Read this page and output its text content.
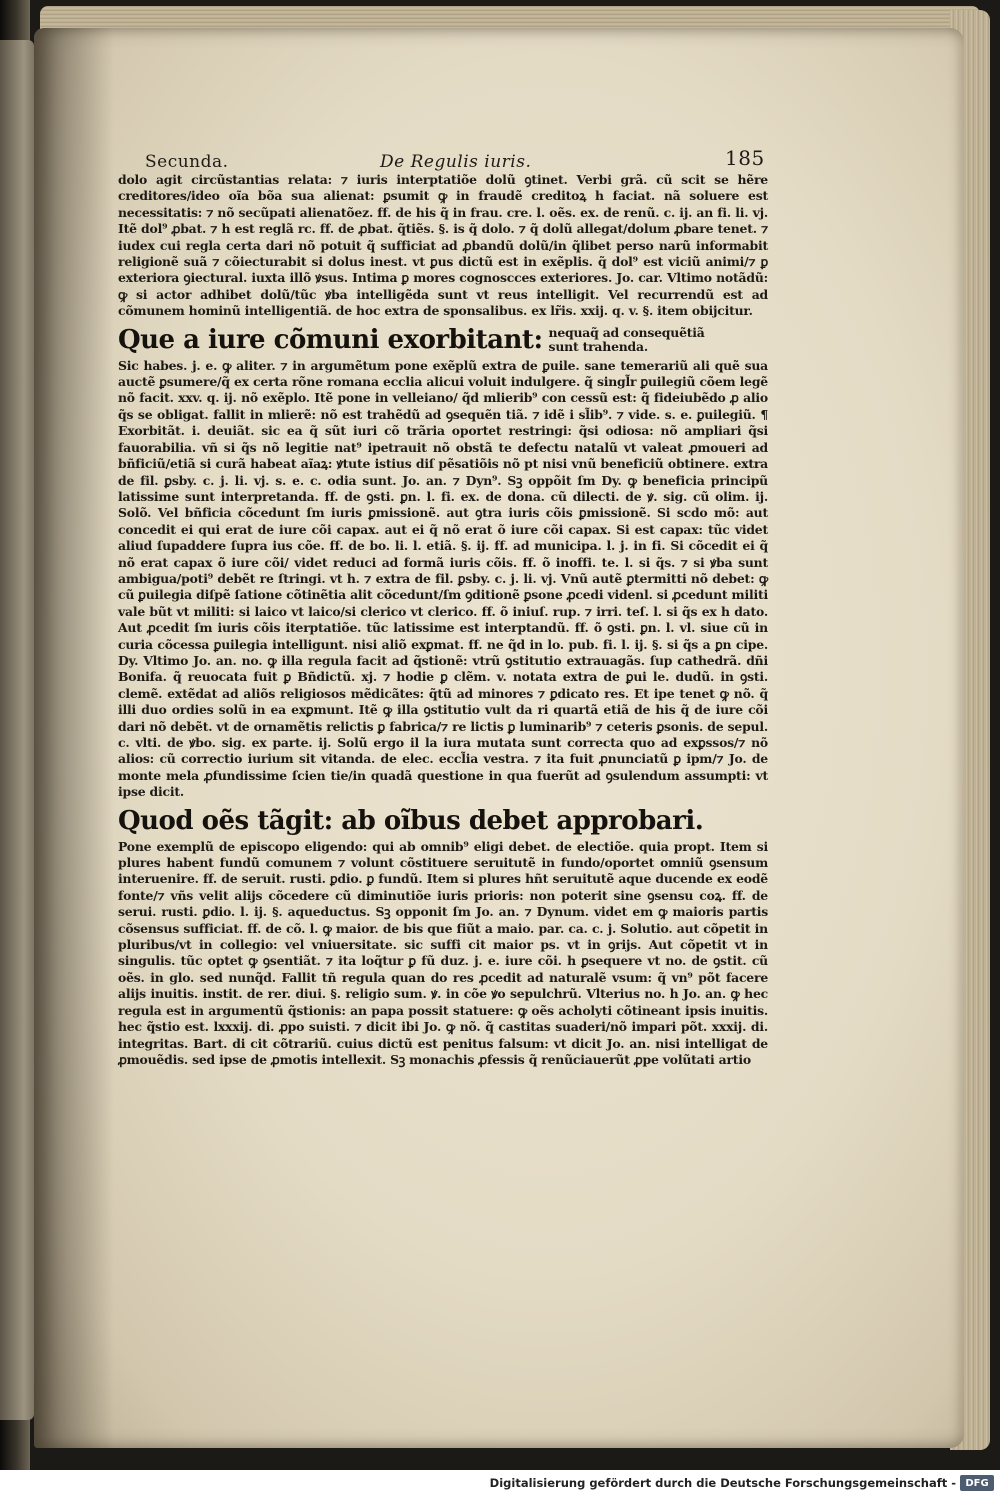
Secunda.	De Regulis iuris.	185

dolo agit circũstantias relata: ⁊ iuris interptatiõe dolũ ꝯtinet. Verbi grã. cũ scit se hẽre creditores/ideo oĩa bõa sua alienat: ꝑsumit ꝙ in fraudẽ creditoꝝ h faciat. nã soluere est necessitatis: ⁊ nõ secũpati alienatõez. ff. de his q̃ in frau. cre. l. oẽs. ex. de renũ. c. ij. an fi. li. vj. Itẽ dol⁹ ꝓbat. ⁊ h est reglã rc. ff. de ꝓbat. q̃tiẽs. §. is q̃ dolo. ⁊ q̃ dolũ allegat/dolum ꝓbare tenet. ⁊ iudex cui regla certa dari nõ potuit q̃ sufficiat ad ꝓbandũ dolũ/in q̃libet perso narũ informabit religionẽ suã ⁊ cõiecturabit si dolus inest. vt ꝑus dictũ est in exẽplis. q̃ dol⁹ est viciũ animi/⁊ ꝑ exteriora ꝯiectural. iuxta illõ ꝟsus. Intima ꝑ mores cognoscces exteriores. Jo. car. Vltimo notãdũ: ꝙ si actor adhibet dolũ/tũc ꝟba intelligẽda sunt vt reus intelligit. Vel recurrendũ est ad cõmunem hominũ intelligentiã. de hoc extra de sponsalibus. ex lr̃is. xxij. q. v. §. item obijcitur.

Que a iure cõmuni exorbitant: nequaq̃ ad consequẽtiã
sunt trahenda.

Sic habes. j. e. ꝙ aliter. ⁊ in argumẽtum pone exẽplũ extra de ꝑuile. sane temerariũ ali quẽ sua auctẽ ꝑsumere/q̃ ex certa rõne romana ecclia alicui voluit indulgere. q̃ singl̃r ꝑuilegiũ cõem legẽ nõ facit. xxv. q. ij. nõ exẽplo. Itẽ pone in velleiano/ q̃d mlierib⁹ con cessũ est: q̃ fideiubẽdo ꝓ alio q̃s se obligat. fallit in mlierẽ: nõ est trahẽdũ ad ꝯsequẽn tiã. ⁊ idẽ i sl̃ib⁹. ⁊ vide. s. e. ꝑuilegiũ. ¶ Exorbitãt. i. deuiãt. sic ea q̃ sũt iuri cõ trãria oportet restringi: q̃si odiosa: nõ ampliari q̃si fauorabilia. vñ si q̃s nõ legitie nat⁹ ipetrauit nõ obstã te defectu natalũ vt valeat ꝓmoueri ad bñficiũ/etiã si curã habeat aĩaꝝ: ꝟtute istius diſ pẽsatiõis nõ pt nisi vnũ beneficiũ obtinere. extra de fil. ꝑsby. c. j. li. vj. s. e. c. odia sunt. Jo. an. ⁊ Dyn⁹. Sꝫ oppõit ſm Dy. ꝙ beneficia principũ latissime sunt interpretanda. ff. de ꝯsti. ꝑn. l. fi. ex. de dona. cũ dilecti. de ꝟ. sig. cũ olim. ij. Solõ. Vel bñficia cõcedunt ſm iuris ꝑmissionẽ. aut ꝯtra iuris cõis ꝑmissionẽ. Si scdo mõ: aut concedit ei qui erat de iure cõi capax. aut ei q̃ nõ erat õ iure cõi capax. Si est capax: tũc videt aliud ſupaddere ſupra ius cõe. ff. de bo. li. l. etiã. §. ij. ff. ad municipa. l. j. in fi. Si cõcedit ei q̃ nõ erat capax õ iure cõi/ videt reduci ad formã iuris cõis. ff. õ inoffi. te. l. si q̃s. ⁊ si ꝟba sunt ambigua/poti⁹ debẽt re ſtringi. vt h. ⁊ extra de fil. ꝑsby. c. j. li. vj. Vnũ autẽ ꝑtermitti nõ debet: ꝙ cũ ꝑuilegia diſpẽ ſatione cõtinẽtia alit cõcedunt/ſm ꝯditionẽ ꝑsone ꝓcedi videnl. si ꝓcedunt militi vale bũt vt militi: si laico vt laico/si clerico vt clerico. ff. õ iniuſ. rup. ⁊ irri. teſ. l. si q̃s ex h dato. Aut ꝓcedit ſm iuris cõis iterptatiõe. tũc latissime est interptandũ. ff. õ ꝯsti. ꝑn. l. vl. siue cũ in curia cõcessa ꝑuilegia intelligunt. nisi aliõ exꝑmat. ff. ne q̃d in lo. pub. fi. l. ij. §. si q̃s a ꝑn cipe. Dy. Vltimo Jo. an. no. ꝙ illa regula facit ad q̃stionẽ: vtrũ ꝯstitutio extrauagãs. ſup cathedrã. dñi Bonifa. q̃ reuocata fuit ꝑ Bñdictũ. xj. ⁊ hodie ꝑ clẽm. v. notata extra de ꝑui le. dudũ. in ꝯsti. clemẽ. extẽdat ad aliõs religiosos mẽdicãtes: q̃tũ ad minores ⁊ ꝑdicato res. Et ipe tenet ꝙ nõ. q̃ illi duo ordies solũ in ea exꝑmunt. Itẽ ꝙ illa ꝯstitutio vult da ri quartã etiã de his q̃ de iure cõi dari nõ debẽt. vt de ornamẽtis relictis ꝑ fabrica/⁊ re lictis ꝑ luminarib⁹ ⁊ ceteris ꝑsonis. de sepul. c. vlti. de ꝟbo. sig. ex parte. ij. Solũ ergo il la iura mutata sunt correcta quo ad exꝑssos/⁊ nõ alios: cũ correctio iurium sit vitanda. de elec. eccl̃ia vestra. ⁊ ita fuit ꝓnunciatũ ꝑ ipm/⁊ Jo. de monte mela ꝓfundissime ſcien tie/in quadã questione in qua fuerũt ad ꝯsulendum assumpti: vt ipse dicit.

Quod oẽs tãgit: ab oĩbus debet approbari.

Pone exemplũ de episcopo eligendo: qui ab omnib⁹ eligi debet. de electiõe. quia propt. Item si plures habent fundũ comunem ⁊ volunt cõstituere seruitutẽ in fundo/oportet omniũ ꝯsensum interuenire. ff. de seruit. rusti. ꝑdio. ꝑ fundũ. Item si plures hñt seruitutẽ aque ducende ex eodẽ fonte/⁊ vñs velit alijs cõcedere cũ diminutiõe iuris prioris: non poterit sine ꝯsensu coꝝ. ff. de serui. rusti. ꝑdio. l. ij. §. aqueductus. Sꝫ opponit ſm Jo. an. ⁊ Dynum. videt em ꝙ maioris partis cõsensus sufficiat. ff. de cõ. l. ꝙ maior. de bis que fiũt a maio. par. ca. c. j. Solutio. aut cõpetit in pluribus/vt in collegio: vel vniuersitate. sic suffi cit maior ps. vt in ꝯrijs. Aut cõpetit vt in singulis. tũc optet ꝙ ꝯsentiãt. ⁊ ita loq̃tur ꝑ fũ duz. j. e. iure cõi. h ꝑsequere vt no. de ꝯstit. cũ oẽs. in glo. sed nunq̃d. Fallit tñ regula quan do res ꝓcedit ad naturalẽ vsum: q̃ vn⁹ põt facere alijs inuitis. instit. de rer. diui. §. religio sum. ꝟ. in cõe ꝟo sepulchrũ. Vlterius no. h Jo. an. ꝙ hec regula est in argumentũ q̃stionis: an papa possit statuere: ꝙ oẽs acholyti cõtineant ipsis inuitis. hec q̃stio est. lxxxij. di. ꝓpo suisti. ⁊ dicit ibi Jo. ꝙ nõ. q̃ castitas suaderi/nõ impari põt. xxxij. di. integritas. Bart. di cit cõtrariũ. cuius dictũ est penitus falsum: vt dicit Jo. an. nisi intelligat de ꝓmouẽdis. sed ipse de ꝓmotis intellexit. Sꝫ monachis ꝓfessis q̃ renũciauerũt ꝓpe volũtati artio

Digitalisierung gefördert durch die Deutsche Forschungsgemeinschaft - DFG
